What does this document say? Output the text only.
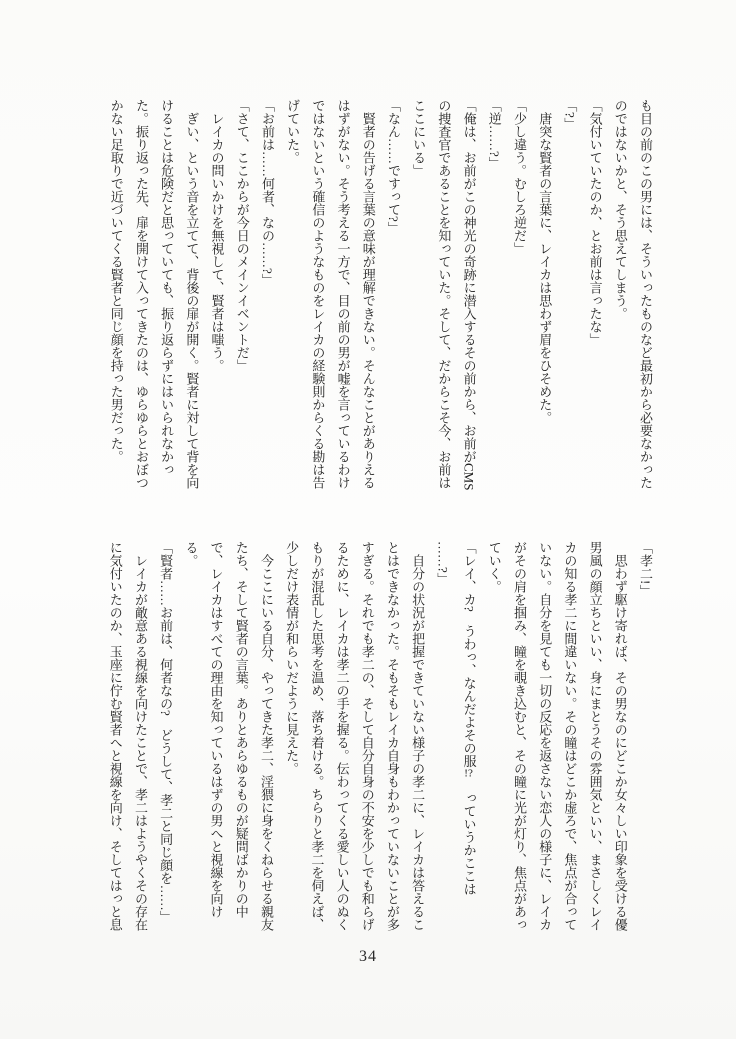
も目の前のこの男には、そういったものなど最初から必要なかった
のではないかと、そう思えてしまう。
「気付いていたのか、とお前は言ったな」
「?」
　唐突な賢者の言葉に、レイカは思わず眉をひそめた。
「少し違う。むしろ逆だ」
「逆……?」
「俺は、お前がこの神光の奇跡に潜入するその前から、お前がCMS
の捜査官であることを知っていた。そして、だからこそ今、お前は
ここにいる」
「なん……ですって?」
　賢者の告げる言葉の意味が理解できない。そんなことがありえる
はずがない。そう考える一方で、目の前の男が嘘を言っているわけ
ではないという確信のようなものをレイカの経験則からくる勘は告
げていた。
「お前は……何者、なの……?」
「さて、ここからが今日のメインイベントだ」
　レイカの問いかけを無視して、賢者は嗤う。
　ぎい、という音を立てて、背後の扉が開く。賢者に対して背を向
けることは危険だと思っていても、振り返らずにはいられなかっ
た。振り返った先、扉を開けて入ってきたのは、ゆらゆらとおぼつ
かない足取りで近づいてくる賢者と同じ顔を持った男だった。
「孝二!」
　思わず駆け寄れば、その男なのにどこか女々しい印象を受ける優
男風の顔立ちといい、身にまとうその雰囲気といい、まさしくレイ
カの知る孝二に間違いない。その瞳はどこか虚ろで、焦点が合って
いない。自分を見ても一切の反応を返さない恋人の様子に、レイカ
がその肩を掴み、瞳を覗き込むと、その瞳に光が灯り、焦点があっ
ていく。
「レイ、カ?　うわっ、なんだよその服!?　っていうかここは
……?」
　自分の状況が把握できていない様子の孝二に、レイカは答えるこ
とはできなかった。そもそもレイカ自身もわかっていないことが多
すぎる。それでも孝二の、そして自分自身の不安を少しでも和らげ
るために、レイカは孝二の手を握る。伝わってくる愛しい人のぬく
もりが混乱した思考を温め、落ち着ける。ちらりと孝二を伺えば、
少しだけ表情が和らいだように見えた。
　今ここにいる自分、やってきた孝二、淫猥に身をくねらせる親友
たち、そして賢者の言葉。ありとあらゆるものが疑問ばかりの中
で、レイカはすべての理由を知っているはずの男へと視線を向け
る。
「賢者……お前は、何者なの?　どうして、孝二と同じ顔を……」
　レイカが敵意ある視線を向けたことで、孝二はようやくその存在
に気付いたのか、玉座に佇む賢者へと視線を向け、そしてはっと息
34
